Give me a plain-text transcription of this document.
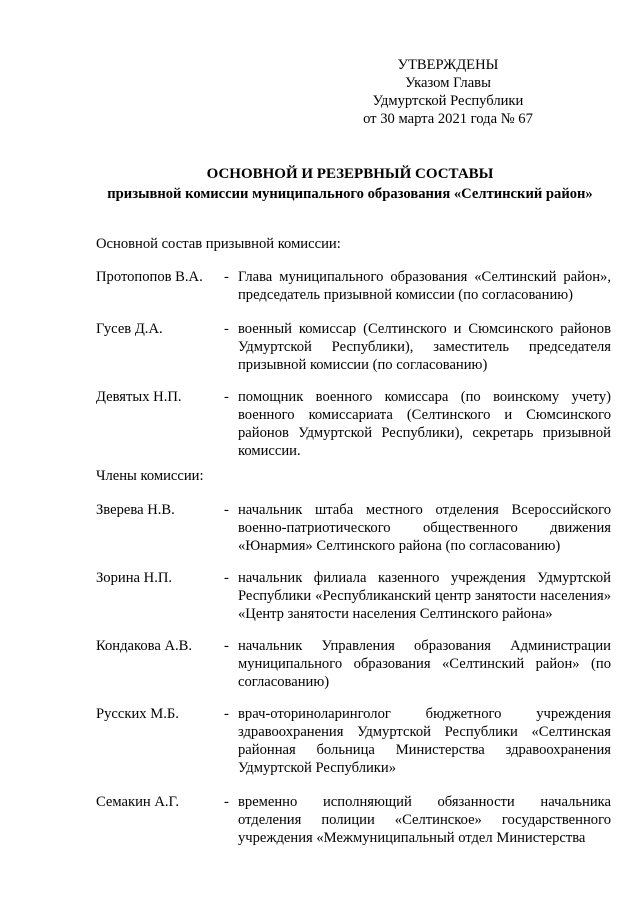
УТВЕРЖДЕНЫ
Указом Главы
Удмуртской Республики
от 30 марта 2021 года № 67
ОСНОВНОЙ И РЕЗЕРВНЫЙ СОСТАВЫ
призывной комиссии муниципального образования «Селтинский район»
Основной состав призывной комиссии:
Протопопов В.А.	- Глава муниципального образования «Селтинский район», председатель призывной комиссии (по согласованию)
Гусев Д.А.	- военный комиссар (Селтинского и Сюмсинского районов Удмуртской Республики), заместитель председателя призывной комиссии (по согласованию)
Девятых Н.П.	- помощник военного комиссара (по воинскому учету) военного комиссариата (Селтинского и Сюмсинского районов Удмуртской Республики), секретарь призывной комиссии.
Члены комиссии:
Зверева Н.В.	- начальник штаба местного отделения Всероссийского военно-патриотического общественного движения «Юнармия» Селтинского района (по согласованию)
Зорина Н.П.	- начальник филиала казенного учреждения Удмуртской Республики «Республиканский центр занятости населения» «Центр занятости населения Селтинского района»
Кондакова А.В.	- начальник Управления образования Администрации муниципального образования «Селтинский район» (по согласованию)
Русских М.Б.	- врач-оториноларинголог бюджетного учреждения здравоохранения Удмуртской Республики «Селтинская районная больница Министерства здравоохранения Удмуртской Республики»
Семакин А.Г.	- временно исполняющий обязанности начальника отделения полиции «Селтинское» государственного учреждения «Межмуниципальный отдел Министерства
